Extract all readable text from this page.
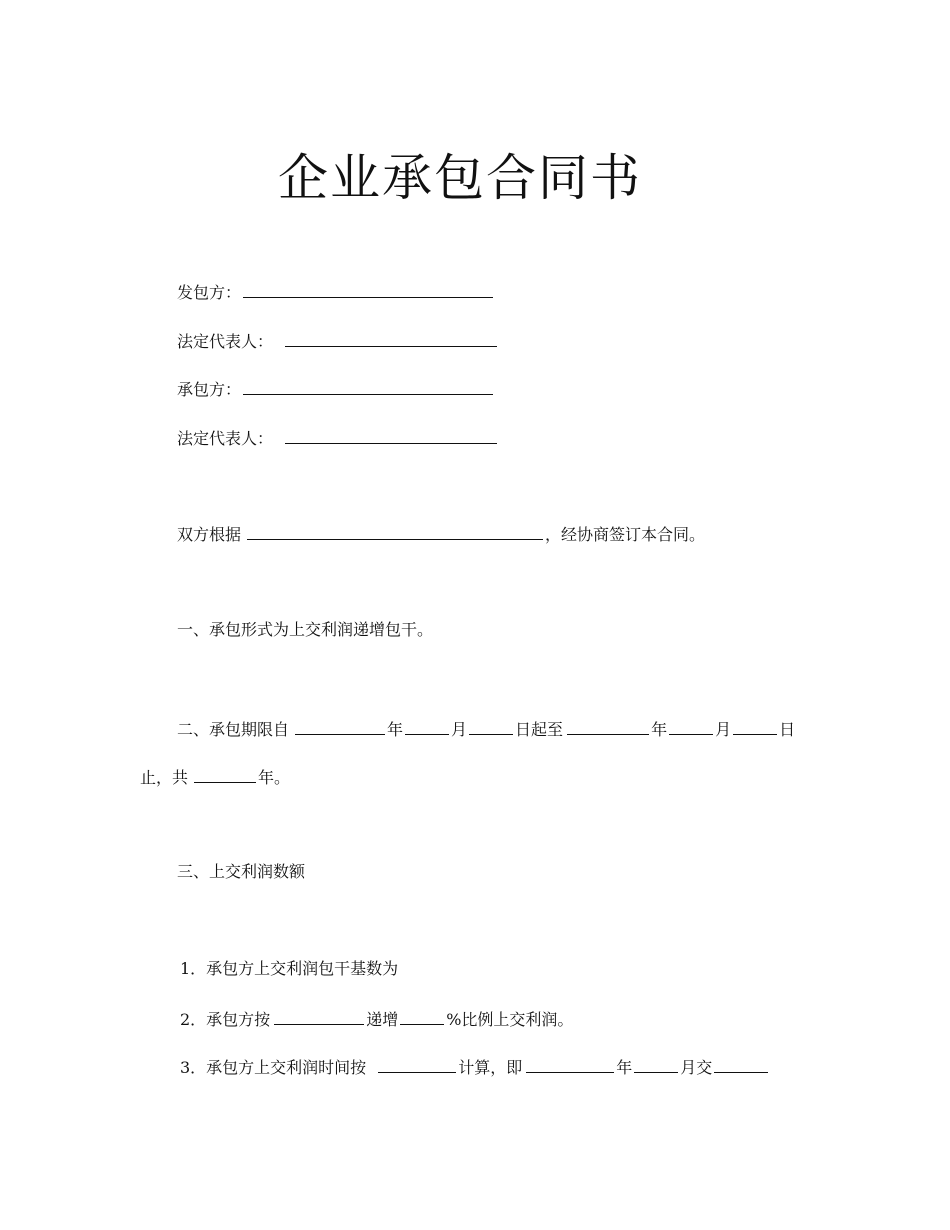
企业承包合同书
发包方：
法定代表人：
承包方：
法定代表人：
双方根据	，经协商签订本合同。
一、承包形式为上交利润递增包干。
二、承包期限自	年	月	日起至	年	月	日
止，共	年。
三、上交利润数额
1．承包方上交利润包干基数为
2．承包方按	递增	%比例上交利润。
3．承包方上交利润时间按	计算，即	年	月交
